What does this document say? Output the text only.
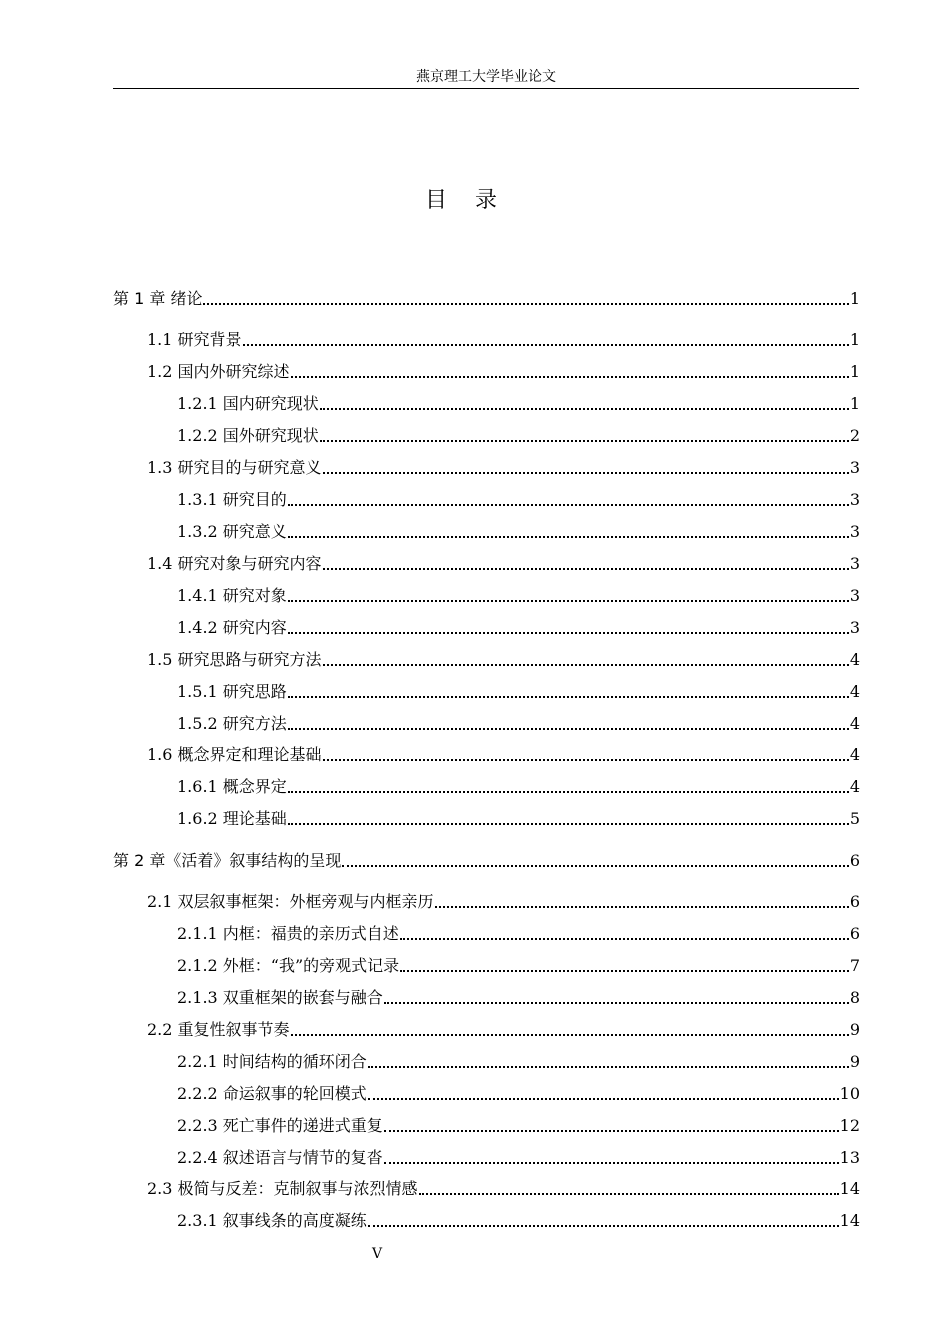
燕京理工大学毕业论文
目录
第 1 章 绪论	1
1.1 研究背景	1
1.2 国内外研究综述	1
1.2.1 国内研究现状	1
1.2.2 国外研究现状	2
1.3 研究目的与研究意义	3
1.3.1 研究目的	3
1.3.2 研究意义	3
1.4 研究对象与研究内容	3
1.4.1 研究对象	3
1.4.2 研究内容	3
1.5 研究思路与研究方法	4
1.5.1 研究思路	4
1.5.2 研究方法	4
1.6 概念界定和理论基础	4
1.6.1 概念界定	4
1.6.2 理论基础	5
第 2 章《活着》叙事结构的呈现	6
2.1 双层叙事框架：外框旁观与内框亲历	6
2.1.1 内框：福贵的亲历式自述	6
2.1.2 外框：“我”的旁观式记录	7
2.1.3 双重框架的嵌套与融合	8
2.2 重复性叙事节奏	9
2.2.1 时间结构的循环闭合	9
2.2.2 命运叙事的轮回模式	10
2.2.3 死亡事件的递进式重复	12
2.2.4 叙述语言与情节的复沓	13
2.3 极简与反差：克制叙事与浓烈情感	14
2.3.1 叙事线条的高度凝练	14
V
